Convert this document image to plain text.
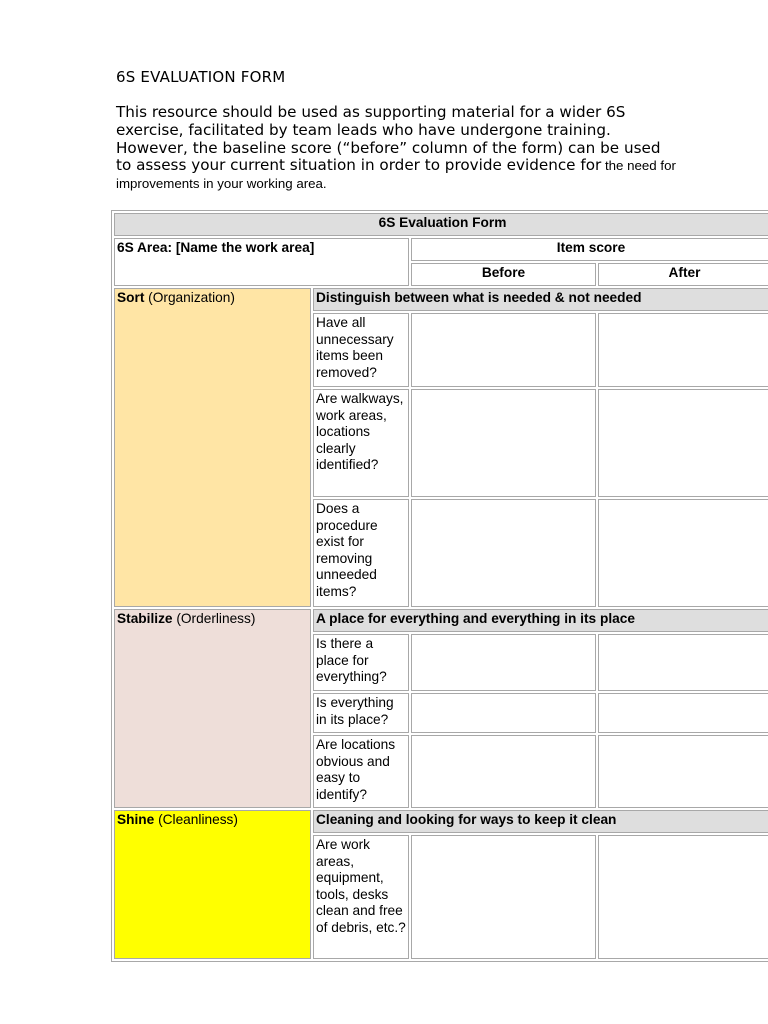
6S EVALUATION FORM
This resource should be used as supporting material for a wider 6S exercise, facilitated by team leads who have undergone training. However, the baseline score (“before” column of the form) can be used to assess your current situation in order to provide evidence for the need for improvements in your working area.
6S Evaluation Form			
6S Area: [Name the work area]		Item score	
		Before	After
Sort (Organization)	Distinguish between what is needed & not needed		
	Have all unnecessary items been removed?		
	Are walkways, work areas, locations clearly identified?		
	Does a procedure exist for removing unneeded items?		
Stabilize (Orderliness)	A place for everything and everything in its place		
	Is there a place for everything?		
	Is everything in its place?		
	Are locations obvious and easy to identify?		
Shine (Cleanliness)	Cleaning and looking for ways to keep it clean		
	Are work areas, equipment, tools, desks clean and free of debris, etc.?		
